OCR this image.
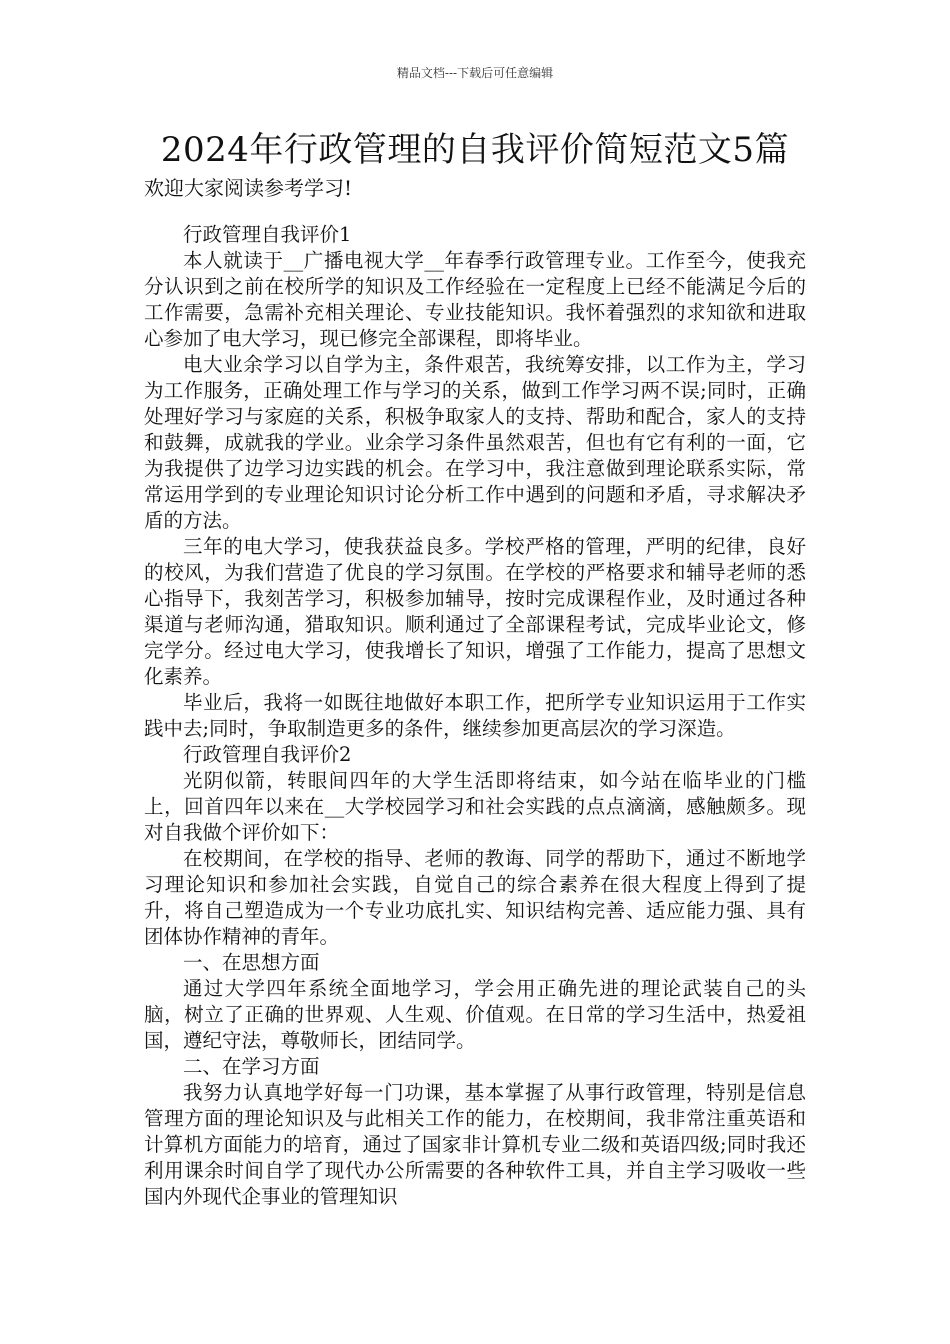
精品文档---下载后可任意编辑
2024年行政管理的自我评价简短范文5篇
欢迎大家阅读参考学习!
行政管理自我评价1

本人就读于__广播电视大学__年春季行政管理专业。工作至今，使我充分认识到之前在校所学的知识及工作经验在一定程度上已经不能满足今后的工作需要，急需补充相关理论、专业技能知识。我怀着强烈的求知欲和进取心参加了电大学习，现已修完全部课程，即将毕业。

电大业余学习以自学为主，条件艰苦，我统筹安排，以工作为主，学习为工作服务，正确处理工作与学习的关系，做到工作学习两不误;同时，正确处理好学习与家庭的关系，积极争取家人的支持、帮助和配合，家人的支持和鼓舞，成就我的学业。业余学习条件虽然艰苦，但也有它有利的一面，它为我提供了边学习边实践的机会。在学习中，我注意做到理论联系实际，常常运用学到的专业理论知识讨论分析工作中遇到的问题和矛盾，寻求解决矛盾的方法。

三年的电大学习，使我获益良多。学校严格的管理，严明的纪律，良好的校风，为我们营造了优良的学习氛围。在学校的严格要求和辅导老师的悉心指导下，我刻苦学习，积极参加辅导，按时完成课程作业，及时通过各种渠道与老师沟通，猎取知识。顺利通过了全部课程考试，完成毕业论文，修完学分。经过电大学习，使我增长了知识，增强了工作能力，提高了思想文化素养。

毕业后，我将一如既往地做好本职工作，把所学专业知识运用于工作实践中去;同时，争取制造更多的条件，继续参加更高层次的学习深造。

行政管理自我评价2

光阴似箭，转眼间四年的大学生活即将结束，如今站在临毕业的门槛上，回首四年以来在__大学校园学习和社会实践的点点滴滴，感触颇多。现对自我做个评价如下：

在校期间，在学校的指导、老师的教诲、同学的帮助下，通过不断地学习理论知识和参加社会实践，自觉自己的综合素养在很大程度上得到了提升，将自己塑造成为一个专业功底扎实、知识结构完善、适应能力强、具有团体协作精神的青年。

一、在思想方面

通过大学四年系统全面地学习，学会用正确先进的理论武装自己的头脑，树立了正确的世界观、人生观、价值观。在日常的学习生活中，热爱祖国，遵纪守法，尊敬师长，团结同学。

二、在学习方面

我努力认真地学好每一门功课，基本掌握了从事行政管理，特别是信息管理方面的理论知识及与此相关工作的能力，在校期间，我非常注重英语和计算机方面能力的培育，通过了国家非计算机专业二级和英语四级;同时我还利用课余时间自学了现代办公所需要的各种软件工具，并自主学习吸收一些国内外现代企事业的管理知识
